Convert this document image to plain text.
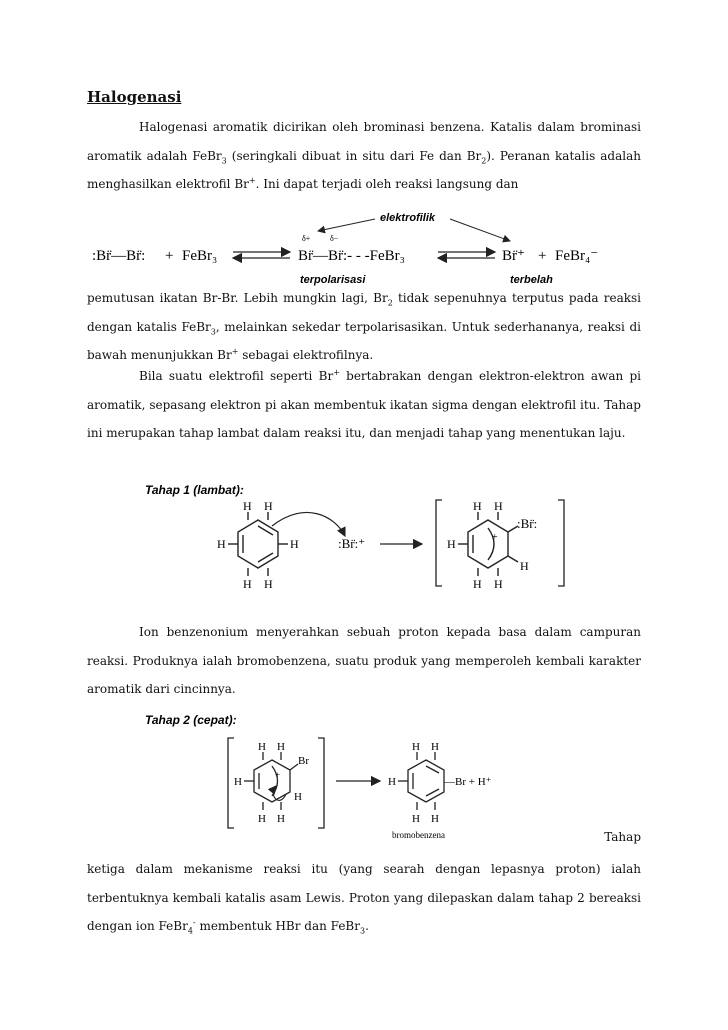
Halogenasi

Halogenasi aromatik dicirikan oleh brominasi benzena. Katalis dalam brominasi aromatik adalah FeBr$_3$ (seringkali dibuat in situ dari Fe dan $Br_2$). Peranan katalis adalah menghasilkan elektrofil Br+. Ini dapat terjadi oleh reaksi langsung dan

:Br̈—Br̈: + FeBr₃
δ+ δ−
Br̈—Br̈:- - -FeBr₃	Br̈⁺ + FeBr₄⁻
elektrofilik
terpolarisasi	terbelah

pemutusan ikatan Br-Br. Lebih mungkin lagi, $Br_2$ tidak sepenuhnya terputus pada reaksi dengan katalis FeBr$_3$, melainkan sekedar terpolarisasikan. Untuk sederhananya, reaksi di bawah menunjukkan Br+ sebagai elektrofilnya.

Bila suatu elektrofil seperti Br+ bertabrakan dengan elektron-elektron awan pi aromatik, sepasang elektron pi akan membentuk ikatan sigma dengan elektrofil itu. Tahap ini merupakan tahap lambat dalam reaksi itu, dan menjadi tahap yang menentukan laju.

Tahap 1 (lambat):
H H
H	H
H H
:Br̈:⁺	+
H H
H
:Br̈:
H
H H

Ion benzenonium menyerahkan sebuah proton kepada basa dalam campuran reaksi. Produknya ialah bromobenzena, suatu produk yang memperoleh kembali karakter aromatik dari cincinnya.

Tahap 2 (cepat):
+
H H
Br
H
H
H H
H H
H	—Br + H⁺
H H
bromobenzena	Tahap

ketiga dalam mekanisme reaksi itu (yang searah dengan lepasnya proton) ialah terbentuknya kembali katalis asam Lewis. Proton yang dilepaskan dalam tahap 2 bereaksi dengan ion FeBr$_4$- membentuk HBr dan FeBr$_3$.
